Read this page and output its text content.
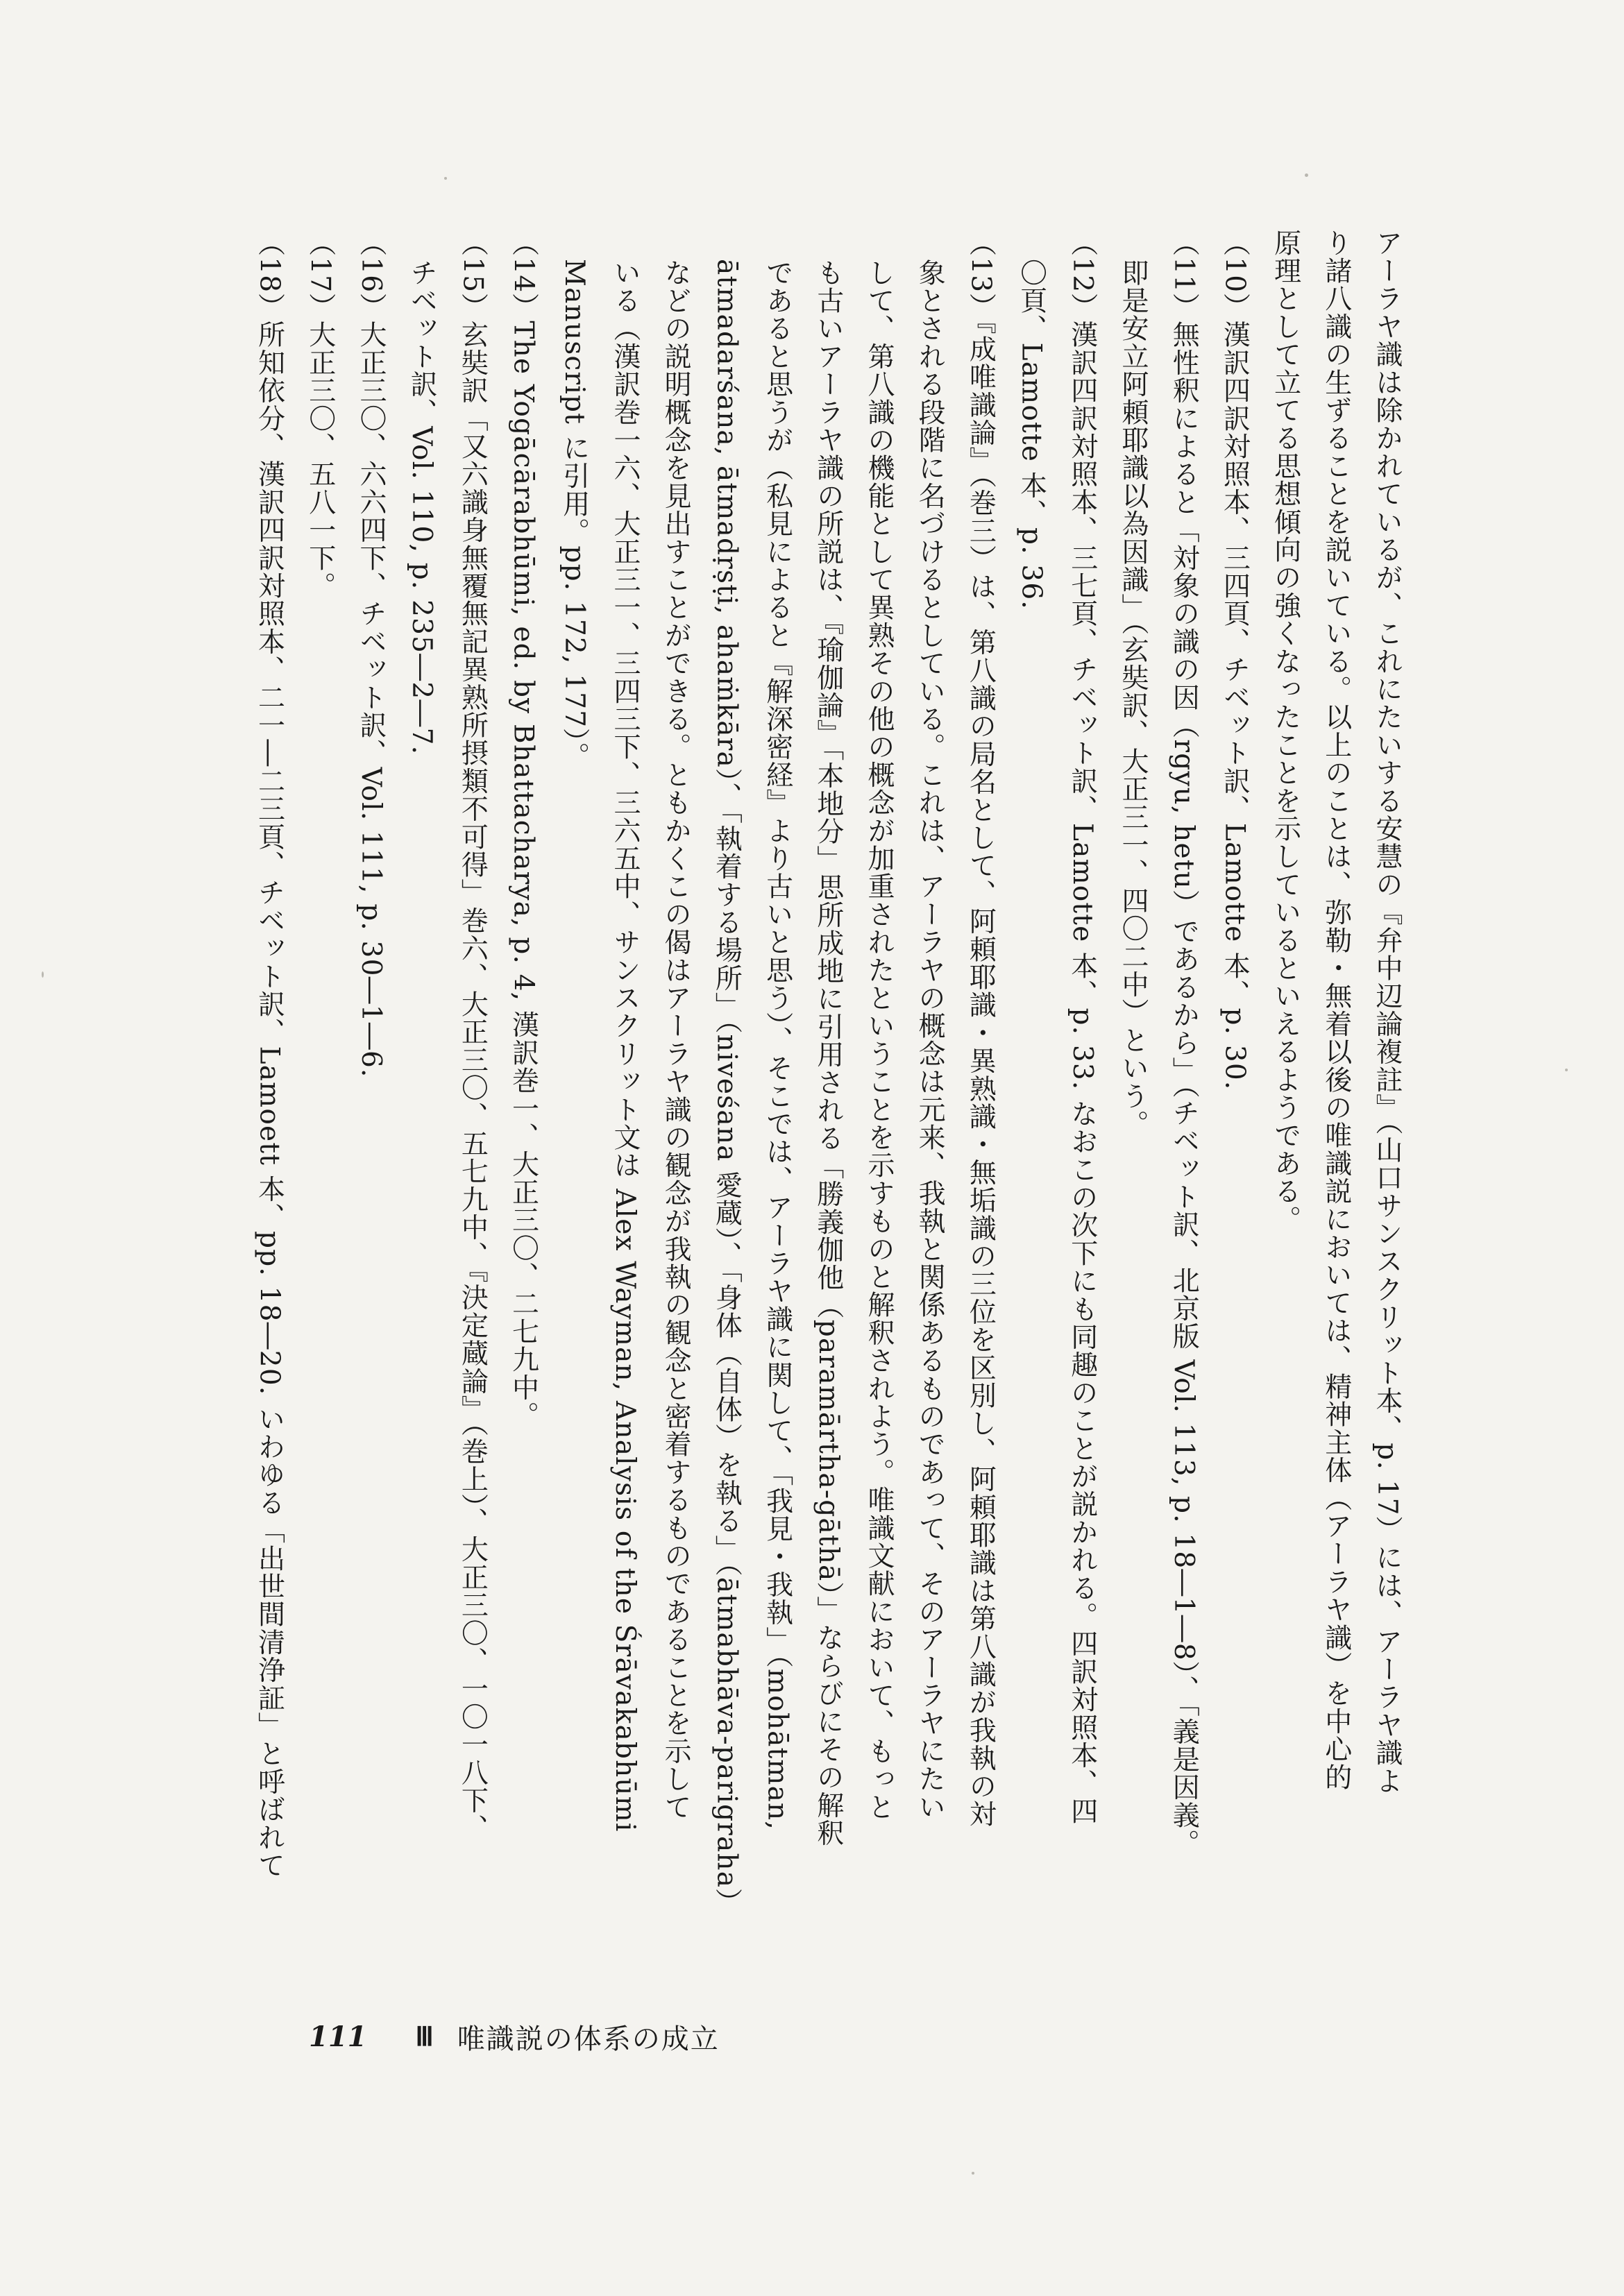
アーラヤ識は除かれているが、これにたいする安慧の『弁中辺論複註』（山口サンスクリット本、p. 17）には、アーラヤ識よ
り諸八識の生ずることを説いている。以上のことは、弥勒・無着以後の唯識説においては、精神主体（アーラヤ識）を中心的
原理として立てる思想傾向の強くなったことを示しているといえるようである。
（10）漢訳四訳対照本、三四頁、チベット訳、Lamotte 本、p. 30.
（11）無性釈によると「対象の識の因（rgyu, hetu）であるから」（チベット訳、北京版 Vol. 113, p. 18―1―8）、「義是因義。
即是安立阿頼耶識以為因識」（玄奘訳、大正三一、四〇二中）という。
（12）漢訳四訳対照本、三七頁、チベット訳、Lamotte 本、p. 33. なおこの次下にも同趣のことが説かれる。四訳対照本、四
〇頁、Lamotte 本、p. 36.
（13）『成唯識論』（巻三）は、第八識の局名として、阿頼耶識・異熟識・無垢識の三位を区別し、阿頼耶識は第八識が我執の対
象とされる段階に名づけるとしている。これは、アーラヤの概念は元来、我執と関係あるものであって、そのアーラヤにたい
して、第八識の機能として異熟その他の概念が加重されたということを示すものと解釈されよう。唯識文献において、もっと
も古いアーラヤ識の所説は、『瑜伽論』「本地分」思所成地に引用される「勝義伽他（paramārtha-gāthā）」ならびにその解釈
であると思うが（私見によると『解深密経』より古いと思う）、そこでは、アーラヤ識に関して、「我見・我執」（mohātman,
ātmadarśana, ātmadṛṣṭi, ahaṁkāra）、「執着する場所」（niveśana 愛蔵）、「身体（自体）を執る」（ātmabhāva-parigraha）
などの説明概念を見出すことができる。ともかくこの偈はアーラヤ識の観念が我執の観念と密着するものであることを示して
いる（漢訳巻一六、大正三一、三四三下、三六五中、サンスクリット文は Alex Wayman, Analysis of the Śrāvakabhūmi
Manuscript に引用。pp. 172, 177）。
（14）The Yogācārabhūmi, ed. by Bhattacharya, p. 4, 漢訳巻一、大正三〇、二七九中。
（15）玄奘訳「又六識身無覆無記異熟所摂類不可得」巻六、大正三〇、五七九中、『決定蔵論』（巻上）、大正三〇、一〇一八下、
チベット訳、Vol. 110, p. 235―2―7.
（16）大正三〇、六六四下、チベット訳、Vol. 111, p. 30―1―6.
（17）大正三〇、五八一下。
（18）所知依分、漢訳四訳対照本、二一―二三頁、チベット訳、Lamoett 本、pp. 18―20. いわゆる「出世間清浄証」と呼ばれて
111 Ⅲ 唯識説の体系の成立
